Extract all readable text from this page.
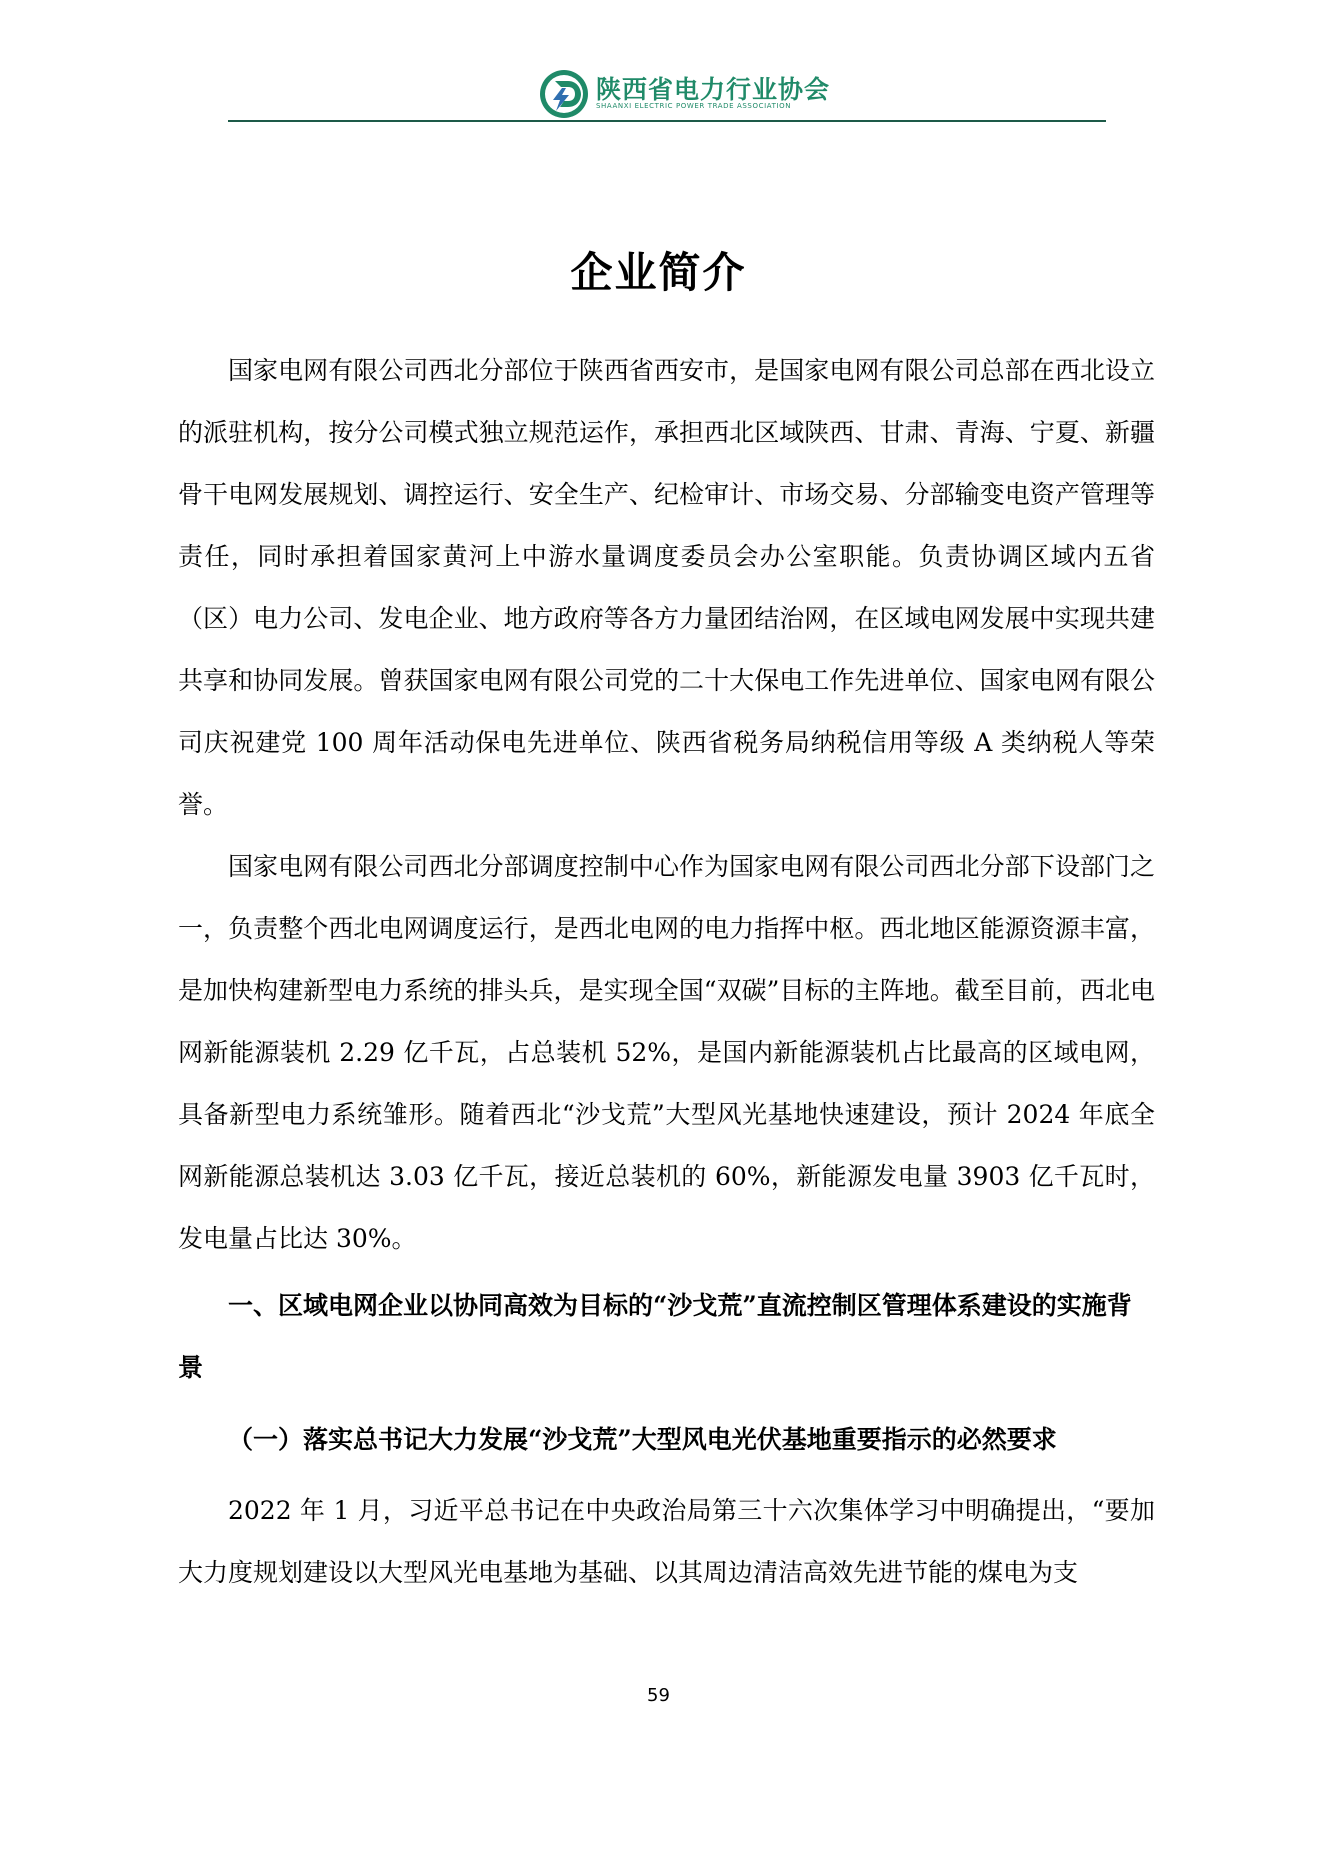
陕西省电力行业协会
SHAANXI ELECTRIC POWER TRADE ASSOCIATION
企业简介

国家电网有限公司西北分部位于陕西省西安市，是国家电网有限公司总部在西北设立的派驻机构，按分公司模式独立规范运作，承担西北区域陕西、甘肃、青海、宁夏、新疆骨干电网发展规划、调控运行、安全生产、纪检审计、市场交易、分部输变电资产管理等责任，同时承担着国家黄河上中游水量调度委员会办公室职能。负责协调区域内五省（区）电力公司、发电企业、地方政府等各方力量团结治网，在区域电网发展中实现共建共享和协同发展。曾获国家电网有限公司党的二十大保电工作先进单位、国家电网有限公司庆祝建党 100 周年活动保电先进单位、陕西省税务局纳税信用等级 A 类纳税人等荣誉。

国家电网有限公司西北分部调度控制中心作为国家电网有限公司西北分部下设部门之一，负责整个西北电网调度运行，是西北电网的电力指挥中枢。西北地区能源资源丰富，是加快构建新型电力系统的排头兵，是实现全国“双碳”目标的主阵地。截至目前，西北电网新能源装机 2.29 亿千瓦，占总装机 52%，是国内新能源装机占比最高的区域电网，具备新型电力系统雏形。随着西北“沙戈荒”大型风光基地快速建设，预计 2024 年底全网新能源总装机达 3.03 亿千瓦，接近总装机的 60%，新能源发电量 3903 亿千瓦时，发电量占比达 30%。

一、区域电网企业以协同高效为目标的“沙戈荒”直流控制区管理体系建设的实施背景

（一）落实总书记大力发展“沙戈荒”大型风电光伏基地重要指示的必然要求

2022 年 1 月，习近平总书记在中央政治局第三十六次集体学习中明确提出，“要加大力度规划建设以大型风光电基地为基础、以其周边清洁高效先进节能的煤电为支

59
